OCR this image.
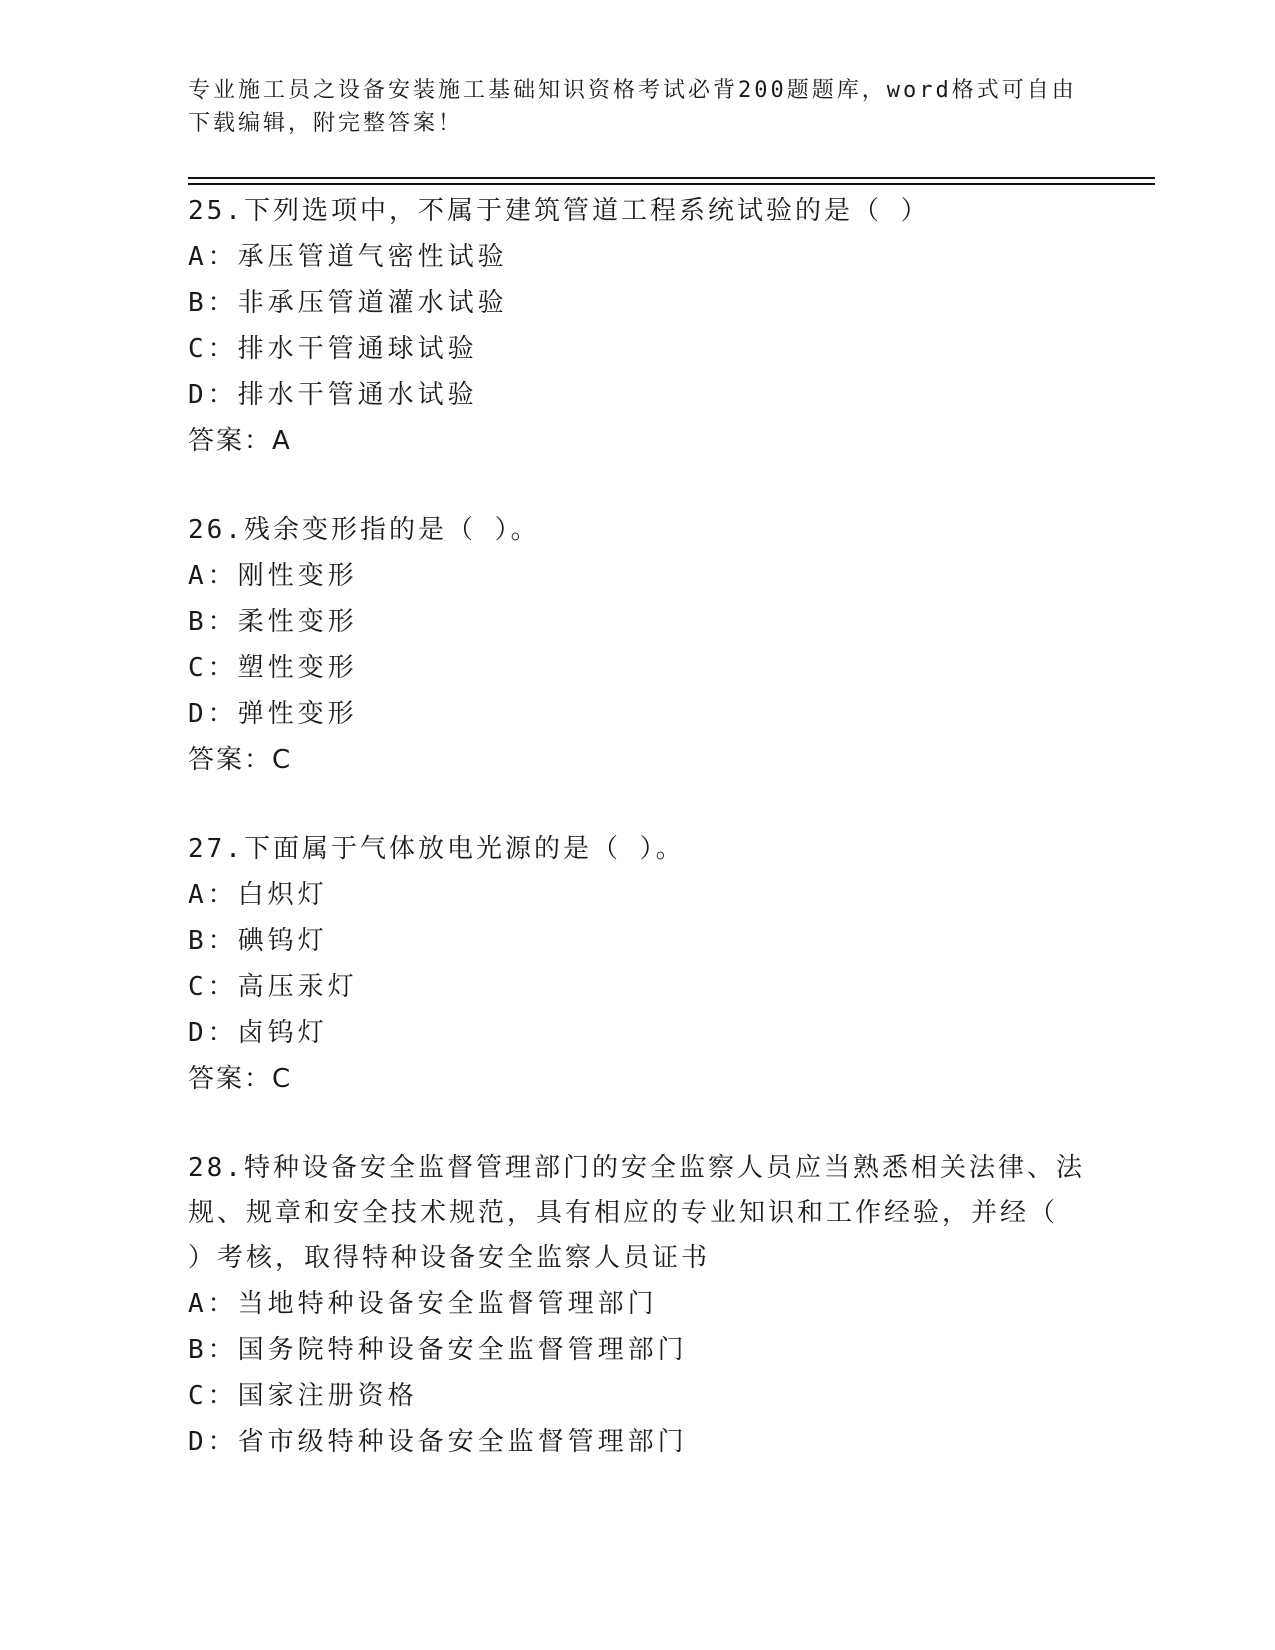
专业施工员之设备安装施工基础知识资格考试必背200题题库，word格式可自由下载编辑，附完整答案！

25.下列选项中，不属于建筑管道工程系统试验的是（ ）

A：承压管道气密性试验

B：非承压管道灌水试验

C：排水干管通球试验

D：排水干管通水试验

答案：A

26.残余变形指的是（ ）。

A：刚性变形

B：柔性变形

C：塑性变形

D：弹性变形

答案：C

27.下面属于气体放电光源的是（ ）。

A：白炽灯

B：碘钨灯

C：高压汞灯

D：卤钨灯

答案：C

28.特种设备安全监督管理部门的安全监察人员应当熟悉相关法律、法规、规章和安全技术规范，具有相应的专业知识和工作经验，并经（ ）考核，取得特种设备安全监察人员证书

A：当地特种设备安全监督管理部门

B：国务院特种设备安全监督管理部门

C：国家注册资格

D：省市级特种设备安全监督管理部门
